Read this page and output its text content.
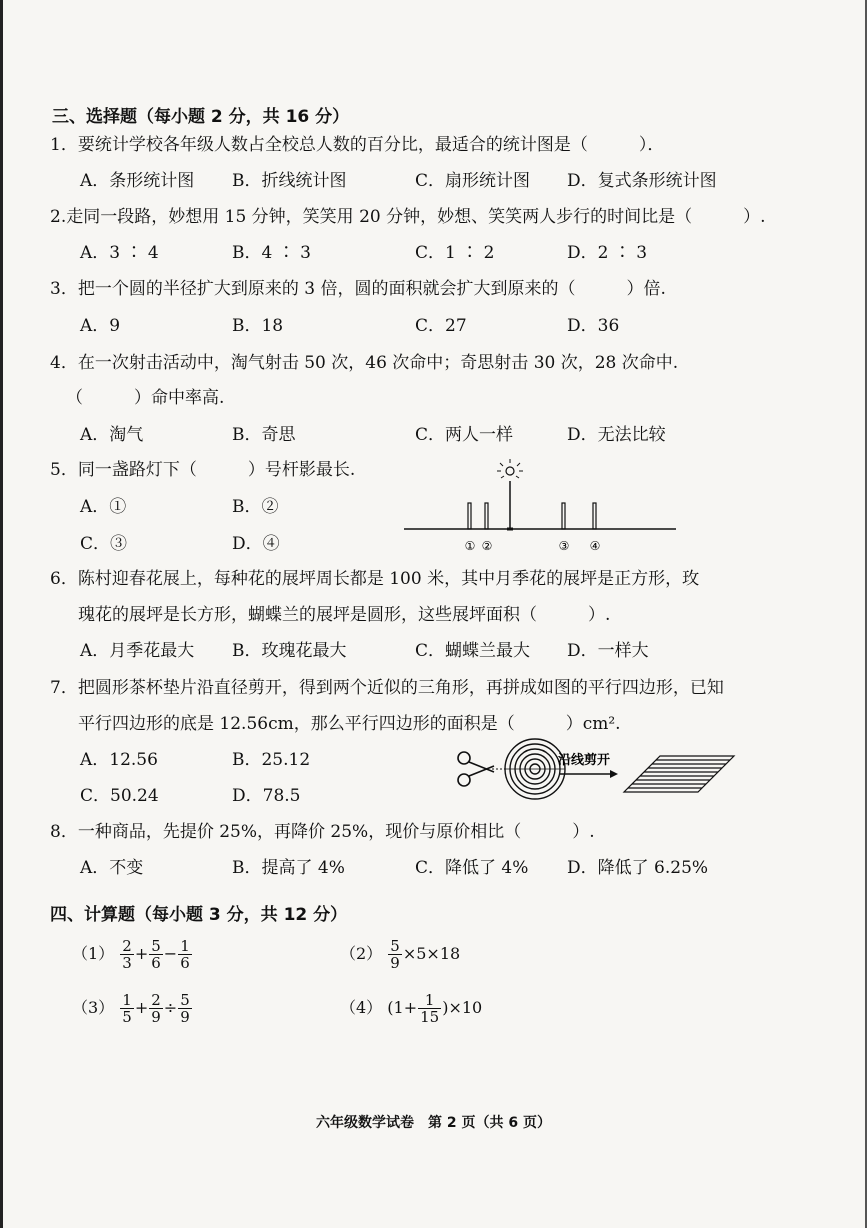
三、选择题（每小题 2 分，共 16 分）
1．要统计学校各年级人数占全校总人数的百分比，最适合的统计图是（　　　）．
A．条形统计图 B．折线统计图	C．扇形统计图 D．复式条形统计图
2.走同一段路，妙想用 15 分钟，笑笑用 20 分钟，妙想、笑笑两人步行的时间比是（　　　）.
A．3 ∶ 4	B．4 ∶ 3	C．1 ∶ 2	D．2 ∶ 3
3．把一个圆的半径扩大到原来的 3 倍，圆的面积就会扩大到原来的（　　　）倍.
A．9	B．18	C．27	D．36
4．在一次射击活动中，淘气射击 50 次，46 次命中；奇思射击 30 次，28 次命中.
（　　　）命中率高.
A．淘气	B．奇思	C．两人一样	D．无法比较
5．同一盏路灯下（　　　）号杆影最长.
A．①	B．②
C．③	D．④	① ②	③ ④
6．陈村迎春花展上，每种花的展坪周长都是 100 米，其中月季花的展坪是正方形，玫
瑰花的展坪是长方形，蝴蝶兰的展坪是圆形，这些展坪面积（　　　）.
A．月季花最大 B．玫瑰花最大	C．蝴蝶兰最大 D．一样大
7．把圆形茶杯垫片沿直径剪开，得到两个近似的三角形，再拼成如图的平行四边形，已知
平行四边形的底是 12.56cm，那么平行四边形的面积是（　　　）cm².
A．12.56	B．25.12
C．50.24	D．78.5
沿线剪开
8．一种商品，先提价 25%，再降价 25%，现价与原价相比（　　　）.
A．不变	B．提高了 4%	C．降低了 4% D．降低了 6.25%
四、计算题（每小题 3 分，共 12 分）
$(1) \frac{2}{3} + \frac{5}{6} - \frac{1}{6}$	$(2) \frac{5}{9} \times 5\times 18$
$(3) \frac{1}{5} + \frac{2}{9} \div \frac{5}{9}$	（4） $(1+ \frac{1}{15} )\times 10$
六年级数学试卷　第 2 页（共 6 页）
